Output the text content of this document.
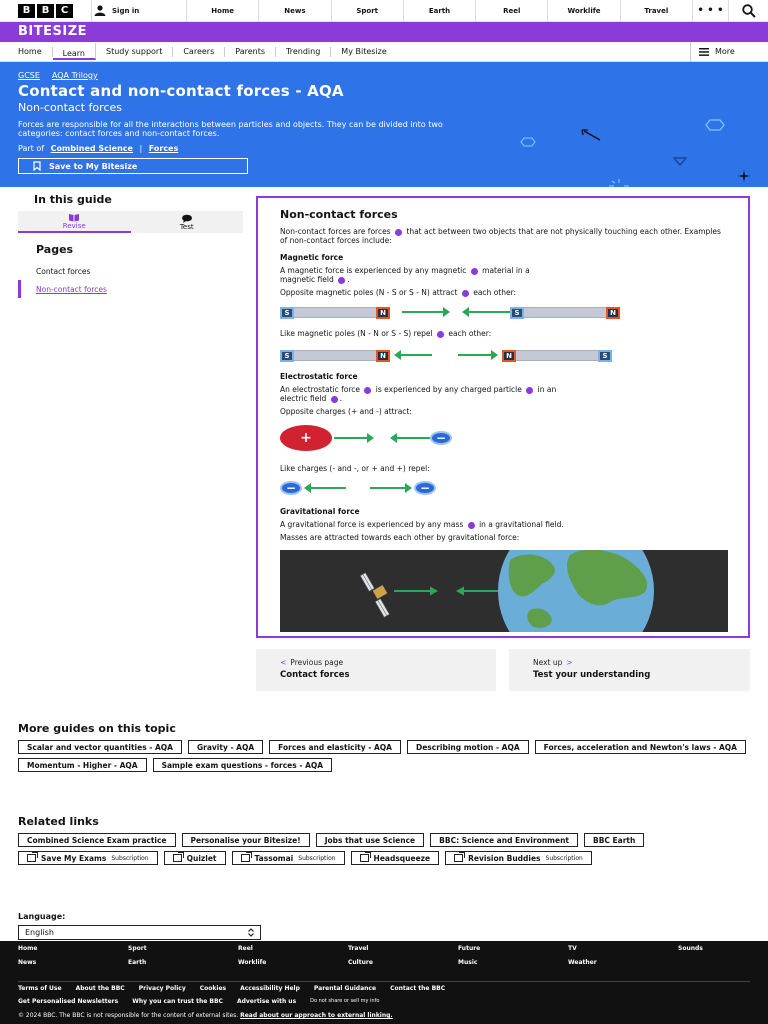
B	B	C	Sign in	Home	News	Sport	Earth	Reel	Worklife	Travel	• • •
BITESIZE
Home	Learn	Study support	Careers	Parents	Trending	My Bitesize	More
GCSE AQA Trilogy
Contact and non-contact forces - AQA
Non-contact forces
Forces are responsible for all the interactions between particles and objects. They can be divided into two categories: contact forces and non-contact forces.
Part of Combined Science | Forces
Save to My Bitesize
In this guide
Revise	Test
Pages
Contact forces
Non-contact forces
Non-contact forces

Non-contact forces are forces that act between two objects that are not physically touching each other. Examples of non-contact forces include:

Magnetic force

A magnetic force is experienced by any magnetic material in a
magnetic field .

Opposite magnetic poles (N - S or S - N) attract each other:

S	N	S	N

Like magnetic poles (N - N or S - S) repel each other:

S	N	N	S
Electrostatic force

An electrostatic force is experienced by any charged particle in an
electric field .

Opposite charges (+ and -) attract:

+	−

Like charges (- and -, or + and +) repel:

−	−
Gravitational force

A gravitational force is experienced by any mass in a gravitational field.

Masses are attracted towards each other by gravitational force:

< Previous page
Contact forces
Next up >
Test your understanding
More guides on this topic
Scalar and vector quantities - AQA	Gravity - AQA	Forces and elasticity - AQA	Describing motion - AQA	Forces, acceleration and Newton's laws - AQA
Momentum - Higher - AQA	Sample exam questions - forces - AQA
Related links
Combined Science Exam practice	Personalise your Bitesize!	Jobs that use Science	BBC: Science and Environment	BBC Earth
Save My Exams Subscription	Quizlet	Tassomai Subscription	Headsqueeze	Revision Buddies Subscription
Language:
English
Home	Sport	Reel	Travel	Future	TV	Sounds
News	Earth	Worklife	Culture	Music	Weather
Terms of Use About the BBC Privacy Policy Cookies Accessibility Help Parental Guidance Contact the BBC
Get Personalised Newsletters Why you can trust the BBC Advertise with us	Do not share or sell my info
© 2024 BBC. The BBC is not responsible for the content of external sites. Read about our approach to external linking.
